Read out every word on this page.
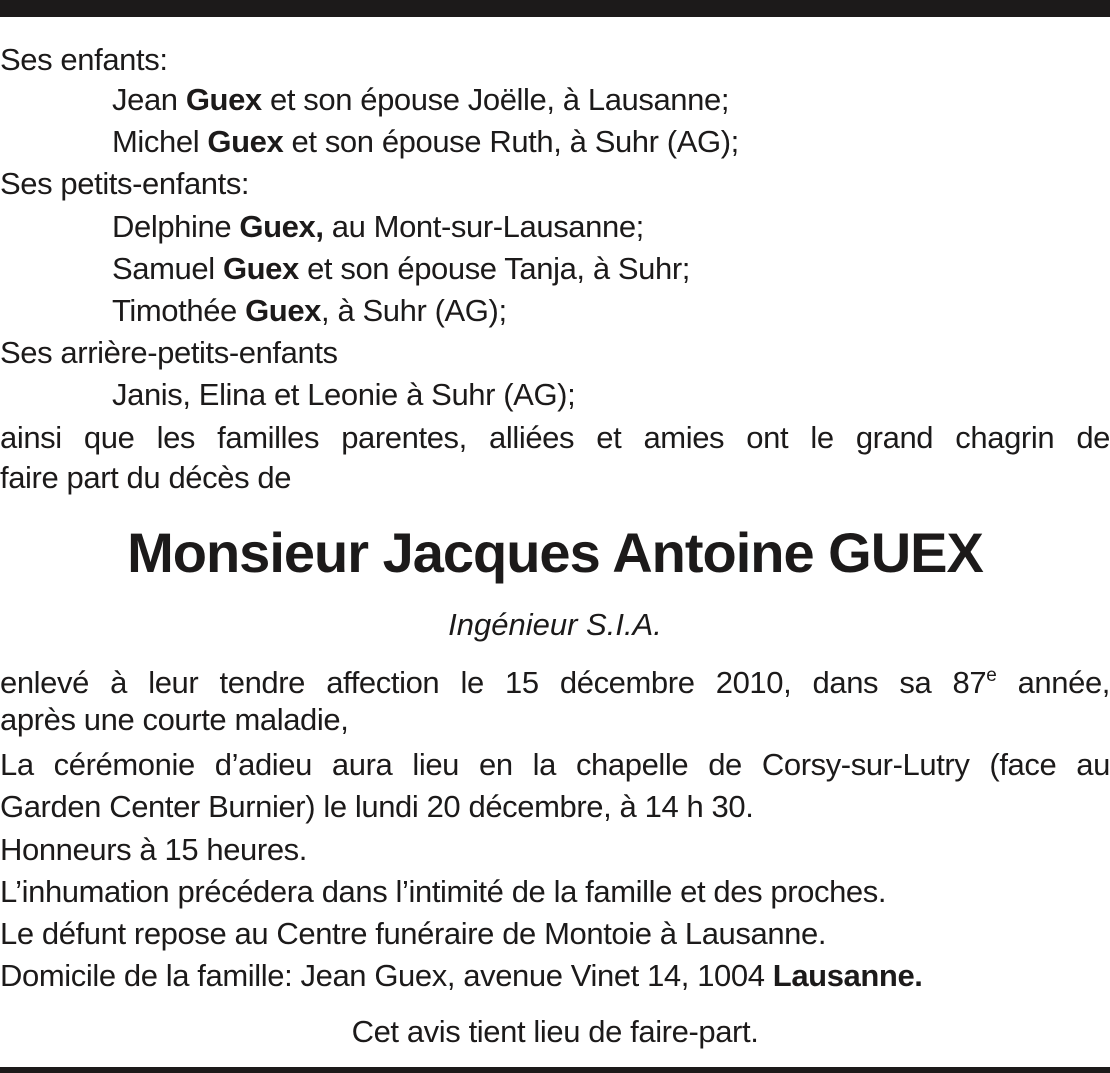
Ses enfants:
Jean Guex et son épouse Joëlle, à Lausanne;
Michel Guex et son épouse Ruth, à Suhr (AG);
Ses petits-enfants:
Delphine Guex, au Mont-sur-Lausanne;
Samuel Guex et son épouse Tanja, à Suhr;
Timothée Guex, à Suhr (AG);
Ses arrière-petits-enfants
Janis, Elina et Leonie à Suhr (AG);
ainsi que les familles parentes, alliées et amies ont le grand chagrin de
faire part du décès de
Monsieur Jacques Antoine GUEX
Ingénieur S.I.A.
enlevé à leur tendre affection le 15 décembre 2010, dans sa 87e année,
après une courte maladie,
La cérémonie d’adieu aura lieu en la chapelle de Corsy-sur-Lutry (face au
Garden Center Burnier) le lundi 20 décembre, à 14 h 30.
Honneurs à 15 heures.
L’inhumation précédera dans l’intimité de la famille et des proches.
Le défunt repose au Centre funéraire de Montoie à Lausanne.
Domicile de la famille: Jean Guex, avenue Vinet 14, 1004 Lausanne.
Cet avis tient lieu de faire-part.
